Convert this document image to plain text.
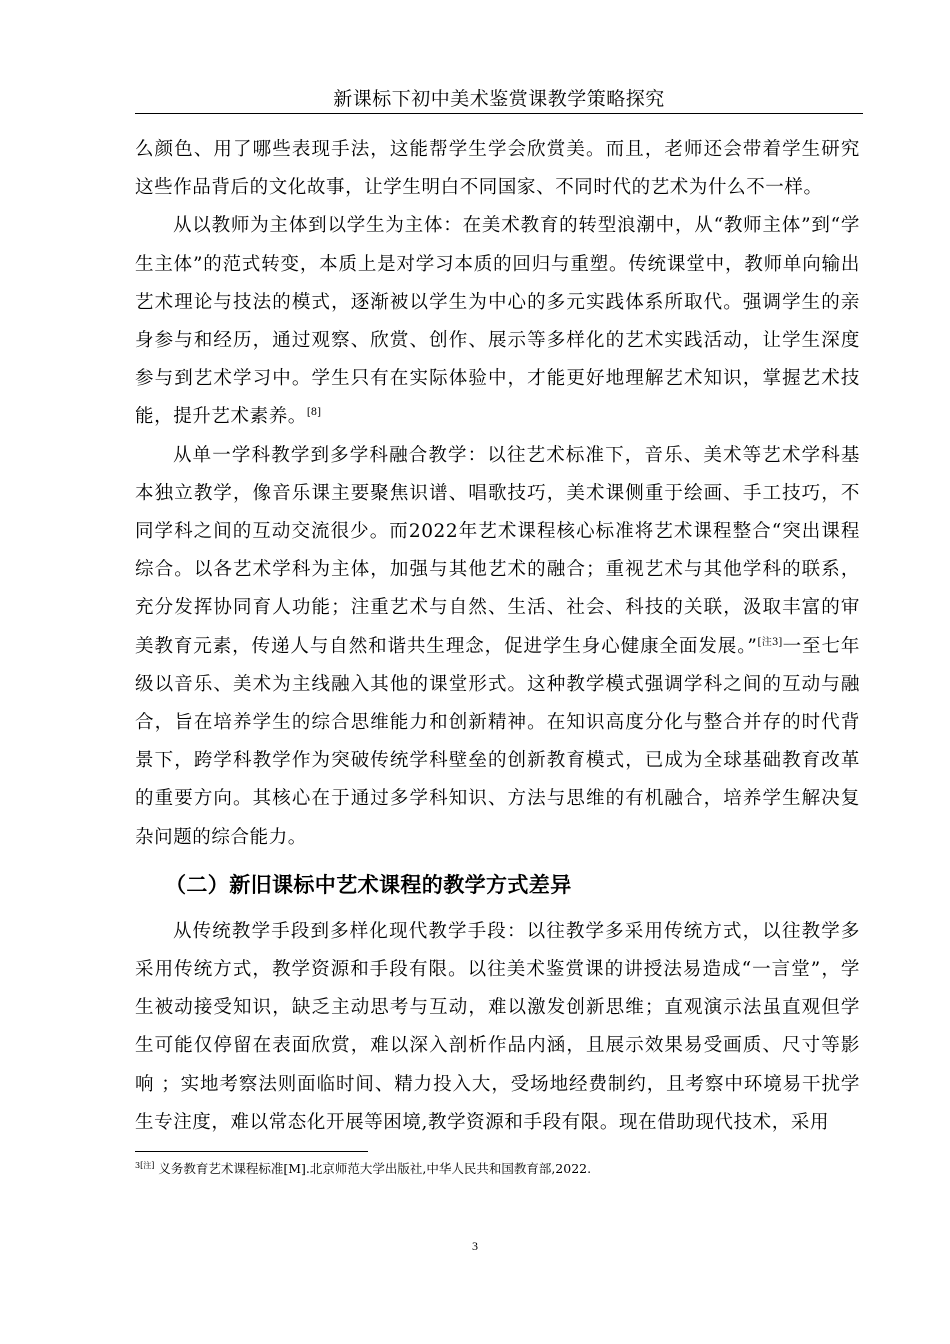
新课标下初中美术鉴赏课教学策略探究

么颜色、用了哪些表现手法，这能帮学生学会欣赏美。而且，老师还会带着学生研究这些作品背后的文化故事，让学生明白不同国家、不同时代的艺术为什么不一样。

从以教师为主体到以学生为主体：在美术教育的转型浪潮中，从“教师主体”到“学生主体”的范式转变，本质上是对学习本质的回归与重塑。传统课堂中，教师单向输出艺术理论与技法的模式，逐渐被以学生为中心的多元实践体系所取代。强调学生的亲身参与和经历，通过观察、欣赏、创作、展示等多样化的艺术实践活动，让学生深度参与到艺术学习中。学生只有在实际体验中，才能更好地理解艺术知识，掌握艺术技能，提升艺术素养。[8]

从单一学科教学到多学科融合教学：以往艺术标准下，音乐、美术等艺术学科基本独立教学，像音乐课主要聚焦识谱、唱歌技巧，美术课侧重于绘画、手工技巧，不同学科之间的互动交流很少。而2022年艺术课程核心标准将艺术课程整合“突出课程综合。以各艺术学科为主体，加强与其他艺术的融合；重视艺术与其他学科的联系，充分发挥协同育人功能；注重艺术与自然、生活、社会、科技的关联，汲取丰富的审美教育元素，传递人与自然和谐共生理念，促进学生身心健康全面发展。”[注3]一至七年级以音乐、美术为主线融入其他的课堂形式。这种教学模式强调学科之间的互动与融合，旨在培养学生的综合思维能力和创新精神。在知识高度分化与整合并存的时代背景下，跨学科教学作为突破传统学科壁垒的创新教育模式，已成为全球基础教育改革的重要方向。其核心在于通过多学科知识、方法与思维的有机融合，培养学生解决复杂问题的综合能力。

（二）新旧课标中艺术课程的教学方式差异

从传统教学手段到多样化现代教学手段：以往教学多采用传统方式，以往教学多采用传统方式，教学资源和手段有限。以往美术鉴赏课的讲授法易造成“一言堂”，学生被动接受知识，缺乏主动思考与互动，难以激发创新思维；直观演示法虽直观但学生可能仅停留在表面欣赏，难以深入剖析作品内涵，且展示效果易受画质、尺寸等影响 ；实地考察法则面临时间、精力投入大，受场地经费制约，且考察中环境易干扰学生专注度，难以常态化开展等困境,教学资源和手段有限。现在借助现代技术，采用

$^{3[注]}$ 义务教育艺术课程标准[M].北京师范大学出版社,中华人民共和国教育部,2022.
3
